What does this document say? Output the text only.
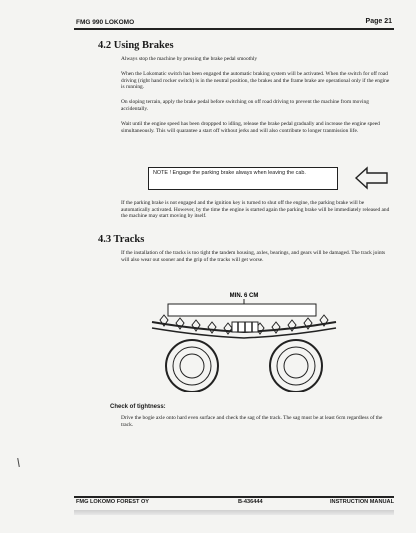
FMG 990 LOKOMO	Page 21
4.2 Using Brakes
Always stop the machine by pressing the brake pedal smoothly
When the Lokomatic switch has been engaged the automatic braking system will be activated. When the switch for off road driving (right hand rocker switch) is in the neutral position, the brakes and the frame brake are operational only if the engine is running.
On sloping terrain, apply the brake pedal before switching on off road driving to prevent the machine from moving accidentally.
Wait until the engine speed has been droppped to idling, release the brake pedal gradually and increase the engine speed simultaneously. This will quarantee a start off without jerks and will also contribute to longer tranmission life.
NOTE ! Engage the parking brake always when leaving the cab.
If the parking brake is not engaged and the ignition key is turned to shut off the engine, the parking brake will be automatically activated. However, by the time the engine is started again the parking brake will be immediately released and the machine may start moving by itself.
4.3 Tracks
If the installation of the tracks is too tight the tandem housing, axles, bearings, and gears will be damaged. The track joints will also wear out sooner and the grip of the tracks will get worse.
MIN. 6 CM
Check of tightness:
Drive the bogie axle onto hard even surface and check the sag of the track. The sag must be at least 6cm regardless of the track.
FMG LOKOMO FOREST OY	B-436444	INSTRUCTION MANUAL
